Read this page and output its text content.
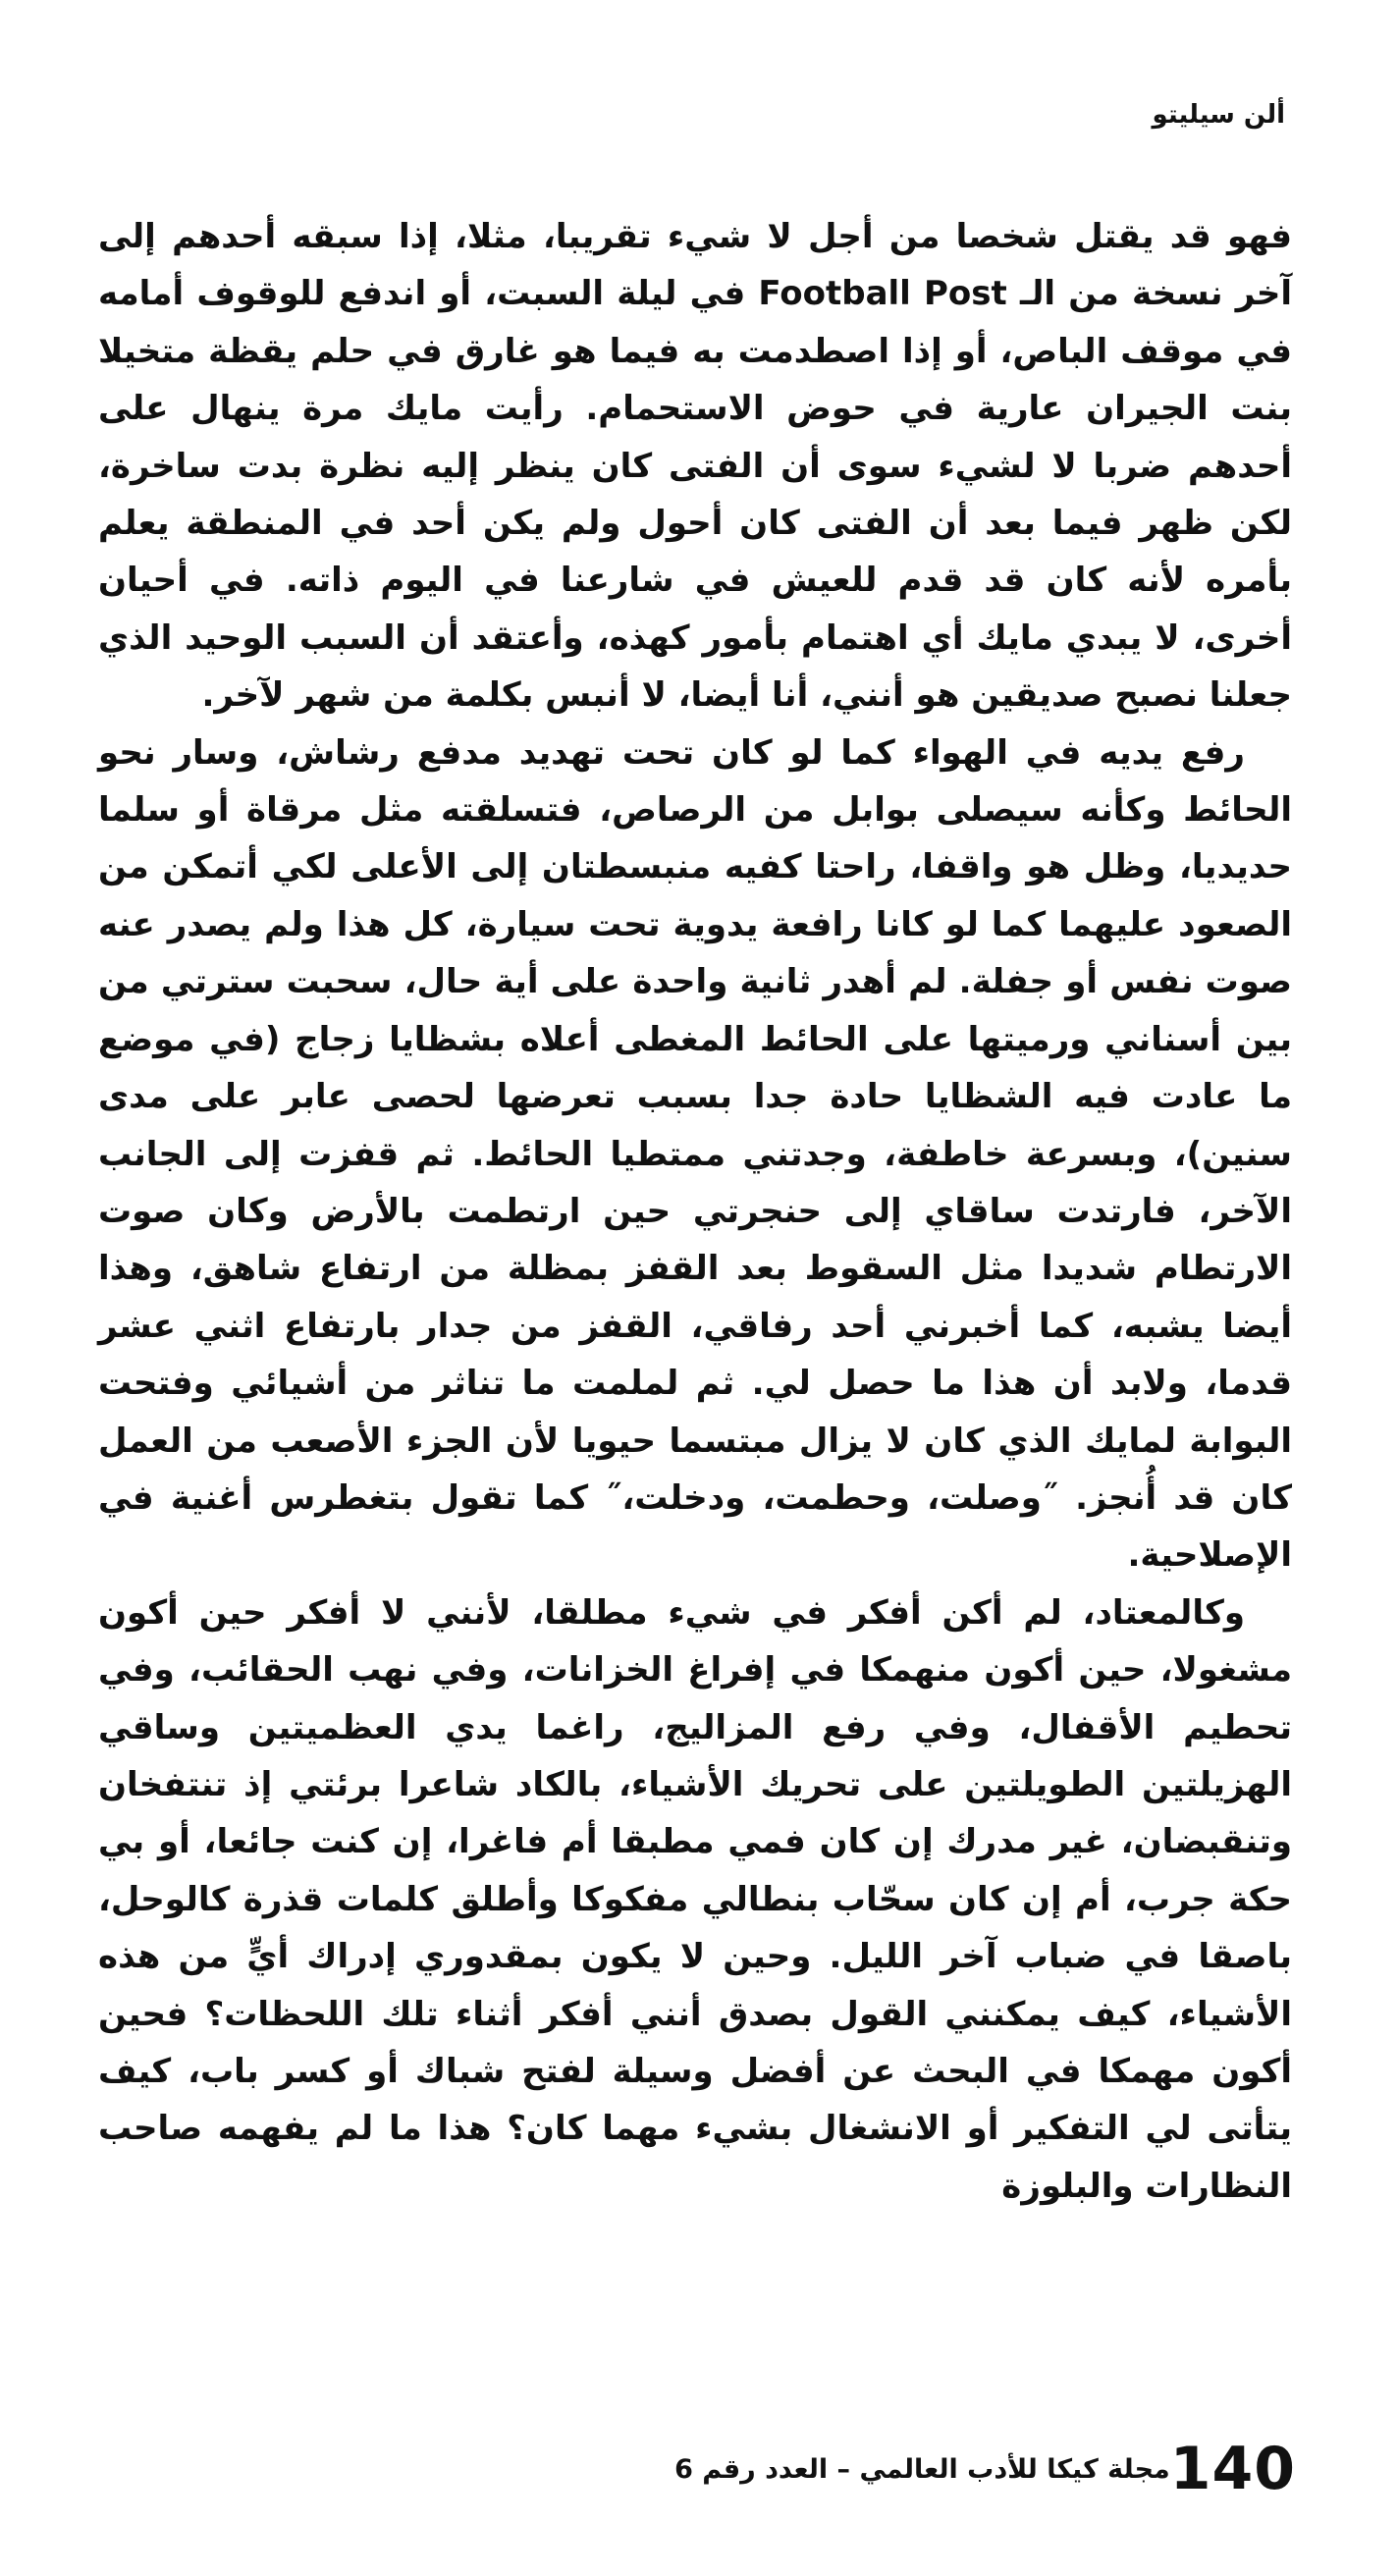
ألن سيليتو

فهو قد يقتل شخصا من أجل لا شيء تقريبا، مثلا، إذا سبقه أحدهم إلى آخر نسخة من الـ Football Post في ليلة السبت، أو اندفع للوقوف أمامه في موقف الباص، أو إذا اصطدمت به فيما هو غارق في حلم يقظة متخيلا بنت الجيران عارية في حوض الاستحمام. رأيت مايك مرة ينهال على أحدهم ضربا لا لشيء سوى أن الفتى كان ينظر إليه نظرة بدت ساخرة، لكن ظهر فيما بعد أن الفتى كان أحول ولم يكن أحد في المنطقة يعلم بأمره لأنه كان قد قدم للعيش في شارعنا في اليوم ذاته. في أحيان أخرى، لا يبدي مايك أي اهتمام بأمور كهذه، وأعتقد أن السبب الوحيد الذي جعلنا نصبح صديقين هو أنني، أنا أيضا، لا أنبس بكلمة من شهر لآخر.

رفع يديه في الهواء كما لو كان تحت تهديد مدفع رشاش، وسار نحو الحائط وكأنه سيصلى بوابل من الرصاص، فتسلقته مثل مرقاة أو سلما حديديا، وظل هو واقفا، راحتا كفيه منبسطتان إلى الأعلى لكي أتمكن من الصعود عليهما كما لو كانا رافعة يدوية تحت سيارة، كل هذا ولم يصدر عنه صوت نفس أو جفلة. لم أهدر ثانية واحدة على أية حال، سحبت سترتي من بين أسناني ورميتها على الحائط المغطى أعلاه بشظايا زجاج (في موضع ما عادت فيه الشظايا حادة جدا بسبب تعرضها لحصى عابر على مدى سنين)، وبسرعة خاطفة، وجدتني ممتطيا الحائط. ثم قفزت إلى الجانب الآخر، فارتدت ساقاي إلى حنجرتي حين ارتطمت بالأرض وكان صوت الارتطام شديدا مثل السقوط بعد القفز بمظلة من ارتفاع شاهق، وهذا أيضا يشبه، كما أخبرني أحد رفاقي، القفز من جدار بارتفاع اثني عشر قدما، ولابد أن هذا ما حصل لي. ثم لملمت ما تناثر من أشيائي وفتحت البوابة لمايك الذي كان لا يزال مبتسما حيويا لأن الجزء الأصعب من العمل كان قد أُنجز. ˝وصلت، وحطمت، ودخلت،˝ كما تقول بتغطرس أغنية في الإصلاحية.

وكالمعتاد، لم أكن أفكر في شيء مطلقا، لأنني لا أفكر حين أكون مشغولا، حين أكون منهمكا في إفراغ الخزانات، وفي نهب الحقائب، وفي تحطيم الأقفال، وفي رفع المزاليج، راغما يدي العظميتين وساقي الهزيلتين الطويلتين على تحريك الأشياء، بالكاد شاعرا برئتي إذ تنتفخان وتنقبضان، غير مدرك إن كان فمي مطبقا أم فاغرا، إن كنت جائعا، أو بي حكة جرب، أم إن كان سحّاب بنطالي مفكوكا وأطلق كلمات قذرة كالوحل، باصقا في ضباب آخر الليل. وحين لا يكون بمقدوري إدراك أيٍّ من هذه الأشياء، كيف يمكنني القول بصدق أنني أفكر أثناء تلك اللحظات؟ فحين أكون مهمكا في البحث عن أفضل وسيلة لفتح شباك أو كسر باب، كيف يتأتى لي التفكير أو الانشغال بشيء مهما كان؟ هذا ما لم يفهمه صاحب النظارات والبلوزة

140
مجلة كيكا للأدب العالمي – العدد رقم 6
